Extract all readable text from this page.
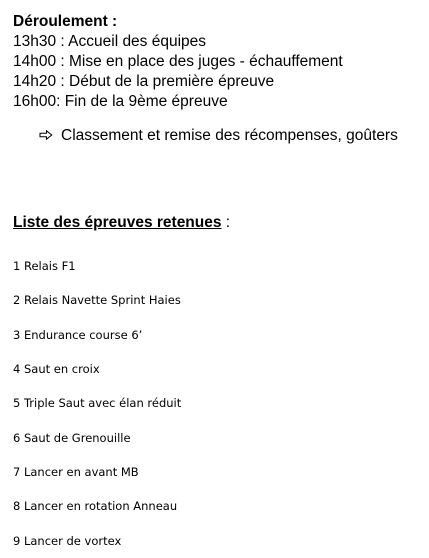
Déroulement :
13h30 : Accueil des équipes
14h00 : Mise en place des juges - échauffement
14h20 : Début de la première épreuve
16h00: Fin de la 9ème épreuve
Classement et remise des récompenses, goûters
Liste des épreuves retenues :
1 Relais F1
2 Relais Navette Sprint Haies
3 Endurance course 6’
4 Saut en croix
5 Triple Saut avec élan réduit
6 Saut de Grenouille
7 Lancer en avant MB
8 Lancer en rotation Anneau
9 Lancer de vortex
